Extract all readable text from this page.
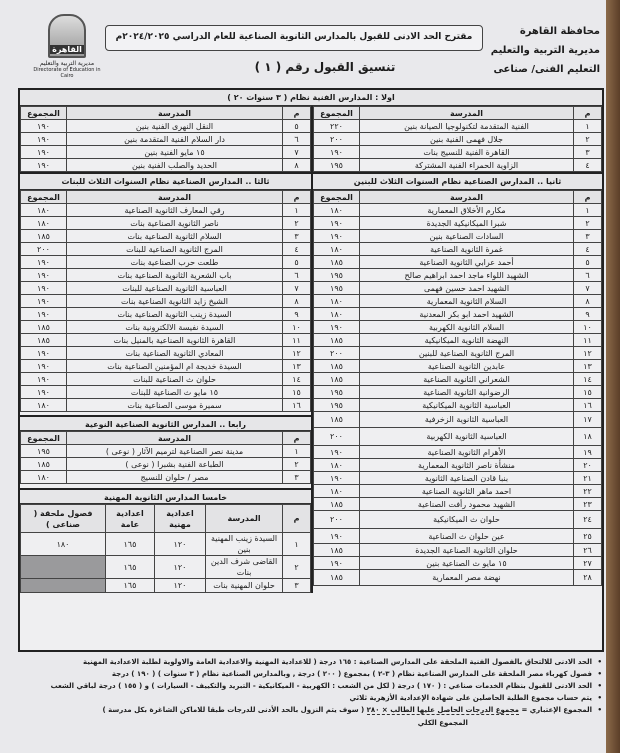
محافظة القاهرة
مديرية التربية والتعليم
التعليم الفنى/ صناعى
مقترح الحد الادنى للقبول بالمدارس الثانوية الصناعية للعام الدراسي ٢٠٢٤/٢٠٢٥م
تنسيق القبول رقم ( ١ )
القاهرة
مديرية التربية والتعليم
Directorate of Education in Cairo
اولا : المدارس الفنية نظام ( ٣ سنوات ٢٠ )
م	المدرسة	المجموع
١	الفنية المتقدمة لتكنولوجيا الصيانة بنين	٢٢٠
٢	جلال فهمى الفنية بنين	٢٠٠
٣	القاهرة الفنية للنسيج بنات	١٩٠
٤	الزاوية الحمراء الفنية المشتركة	١٩٥
م	المدرسة	المجموع
٥	النقل النهرى الفنية بنين	١٩٠
٦	دار السلام الفنية المتقدمة بنين	١٩٠
٧	١٥ مايو الفنية بنين	١٩٠
٨	الحديد والصلب الفنية بنين	١٩٠
ثانيا .. المدارس الصناعية نظام السنوات الثلاث للبنين
م	المدرسة	المجموع
١	مكارم الأخلاق المعمارية	١٨٠
٢	شبرا الميكانيكية الجديدة	١٩٠
٣	السادات الصناعية بنين	١٩٠
٤	غمرة الثانوية الصناعية	١٨٠
٥	أحمد عرابي الثانوية الصناعية	١٨٥
٦	الشهيد اللواء ماجد احمد ابراهيم صالح	١٩٥
٧	الشهيد احمد حسين فهمى	١٩٥
٨	السلام الثانوية المعمارية	١٨٠
٩	الشهيد احمد ابو بكر المعدنية	١٨٠
١٠	السلام الثانوية الكهربية	١٩٠
١١	النهضة الثانوية الميكانيكية	١٨٥
١٢	المرج الثانوية الصناعية للبنين	٢٠٠
١٣	عابدين الثانوية الصناعية	١٨٥
١٤	الشعراني الثانوية الصناعية	١٨٥
١٥	الرضوانية الثانوية الصناعية	١٩٥
١٦	العباسية الثانوية الميكانيكية	١٩٥
١٧	العباسية الثانوية الزخرفية	١٨٥
١٨	العباسية الثانوية الكهربية	٢٠٠
١٩	الأهرام الثانوية الصناعية	١٩٠
٢٠	منشأة ناصر الثانوية المعمارية	١٨٠
٢١	بنبا قادن الصناعية الثانوية	١٩٠
٢٢	احمد ماهر الثانوية الصناعية	١٨٠
٢٣	الشهيد محمود رأفت الصناعية	١٨٥
٢٤	حلوان ث الميكانيكية	٢٠٠
٢٥	عين حلوان ث الصناعية	١٩٠
٢٦	حلوان الثانوية الصناعية الجديدة	١٨٥
٢٧	١٥ مايو ث الصناعية بنين	١٩٠
٢٨	نهضة مصر المعمارية	١٨٥
ثالثا .. المدارس الصناعية نظام السنوات الثلاث للبنات
م	المدرسة	المجموع
١	رقي المعارف الثانوية الصناعية	١٨٠
٢	ناصر الثانوية الصناعية بنات	١٨٠
٣	السلام الثانوية الصناعية بنات	١٨٥
٤	المرج الثانوية الصناعية للبنات	٢٠٠
٥	طلعت حرب الصناعية بنات	١٩٠
٦	باب الشعرية الثانوية الصناعية بنات	١٩٠
٧	العباسية الثانوية الصناعية للبنات	١٩٠
٨	الشيخ زايد الثانوية الصناعية بنات	١٩٠
٩	السيدة زينب الثانوية الصناعية بنات	١٩٠
١٠	السيدة نفيسة الالكترونية بنات	١٨٥
١١	القاهرة الثانوية الصناعية بالمنيل بنات	١٨٥
١٢	المعادي الثانوية الصناعية بنات	١٩٠
١٣	السيدة خديجة ام المؤمنين الصناعية بنات	١٩٠
١٤	حلوان ث الصناعية للبنات	١٩٠
١٥	١٥ مايو ث الصناعية للبنات	١٩٠
١٦	سميرة موسى الصناعية بنات	١٨٠
رابعا .. المدارس الثانوية الصناعية النوعية
م	المدرسة	المجموع
١	مدينة نصر الصناعية لترميم الآثار ( نوعى )	١٩٥
٢	الطباعة الفنية بشبرا ( نوعى )	١٨٥
٣	مصر / حلوان للنسيج	١٨٠
خامسا المدارس الثانوية المهنية
م	المدرسة	اعدادية مهنية	اعدادية عامة	فصول ملحقة ( صناعى )
١	السيدة زينب المهنية بنين	١٢٠	١٦٥	١٨٠
٢	القاضى شرف الدين بنات	١٢٠	١٦٥	
٣	حلوان المهنية بنات	١٢٠	١٦٥	
• الحد الادنى للالتحاق بالفصول الفنية الملحقة على المدارس الصناعية : ١٦٥ درجة ( للاعدادية المهنية والاعدادية العامة والاولوية لطلبة الاعدادية المهنية
• فصول كهرباء مصر الملحقة على المدارس الصناعية نظام ( ٣-٢ ) بمجموع ( ٢٠٠ ) درجة , وبالمدارس الصناعية نظام ( ٣ سنوات ) ( ١٩٠ ) درجة
• الحد الادنى للقبول بنظام الخدمات صناعي : ( ١٧٠ ) درجة ( لكل من الشعب : الكهربية - الميكانيكية - التبريد والتكييف - السيارات ) و ( ١٥٥ ) درجة لباقي الشعب
• يتم حساب مجموع الطلبة الحاصلين على شهادة الإعدادية الأزهرية ثلاثي
• المجموع الإعتباري = $\frac{\text{مجموع الدرجات الحاصل عليها الطالب × ٢٨٠}}{\text{المجموع الكلي}}$
( سوف يتم النزول بالحد الأدنى للدرجات طبقا للاماكن الشاغرة بكل مدرسة )
